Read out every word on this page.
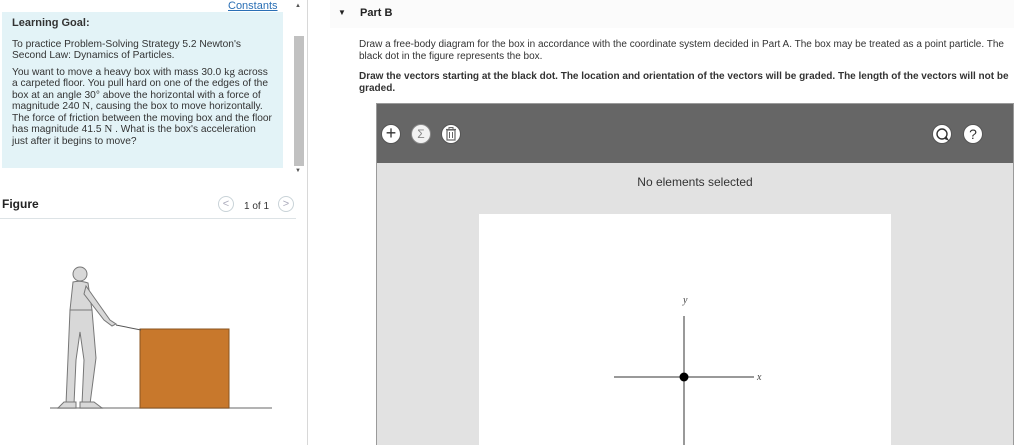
Constants
Learning Goal:
To practice Problem-Solving Strategy 5.2 Newton's Second Law: Dynamics of Particles.
You want to move a heavy box with mass 30.0 kg across a carpeted floor. You pull hard on one of the edges of the box at an angle 30° above the horizontal with a force of magnitude 240 N, causing the box to move horizontally. The force of friction between the moving box and the floor has magnitude 41.5 N . What is the box's acceleration just after it begins to move?
Figure	<	1 of 1	>
▲
▼
▼ Part B
Draw a free-body diagram for the box in accordance with the coordinate system decided in Part A. The box may be treated as a point particle. The black dot in the figure represents the box.
Draw the vectors starting at the black dot. The location and orientation of the vectors will be graded. The length of the vectors will not be graded.
+	Σ	?
No elements selected
y
x
